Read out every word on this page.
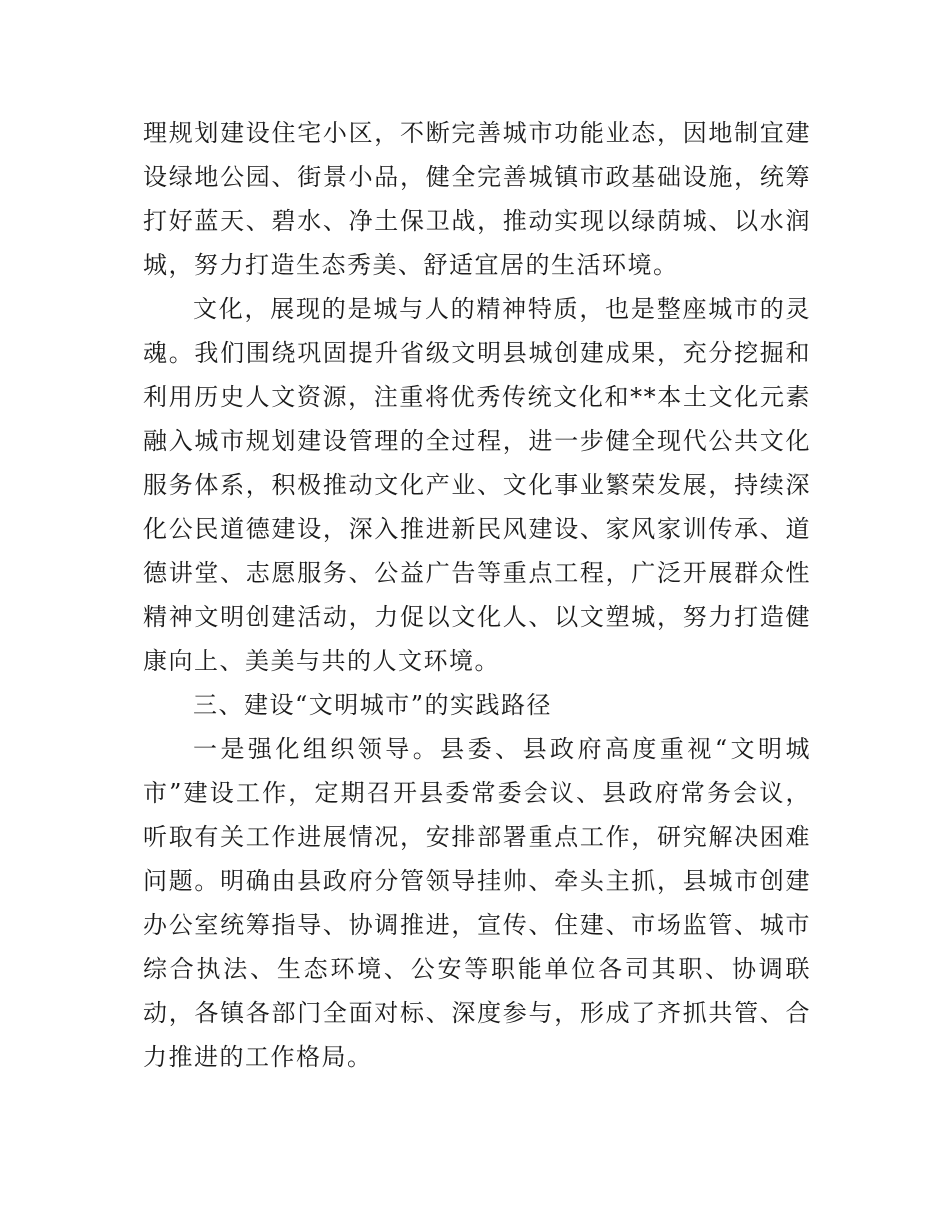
理规划建设住宅小区，不断完善城市功能业态，因地制宜建设绿地公园、街景小品，健全完善城镇市政基础设施，统筹打好蓝天、碧水、净土保卫战，推动实现以绿荫城、以水润城，努力打造生态秀美、舒适宜居的生活环境。

文化，展现的是城与人的精神特质，也是整座城市的灵魂。我们围绕巩固提升省级文明县城创建成果，充分挖掘和利用历史人文资源，注重将优秀传统文化和**本土文化元素融入城市规划建设管理的全过程，进一步健全现代公共文化服务体系，积极推动文化产业、文化事业繁荣发展，持续深化公民道德建设，深入推进新民风建设、家风家训传承、道德讲堂、志愿服务、公益广告等重点工程，广泛开展群众性精神文明创建活动，力促以文化人、以文塑城，努力打造健康向上、美美与共的人文环境。

三、建设“文明城市”的实践路径

一是强化组织领导。县委、县政府高度重视“文明城市”建设工作，定期召开县委常委会议、县政府常务会议，听取有关工作进展情况，安排部署重点工作，研究解决困难问题。明确由县政府分管领导挂帅、牵头主抓，县城市创建办公室统筹指导、协调推进，宣传、住建、市场监管、城市综合执法、生态环境、公安等职能单位各司其职、协调联动，各镇各部门全面对标、深度参与，形成了齐抓共管、合力推进的工作格局。
